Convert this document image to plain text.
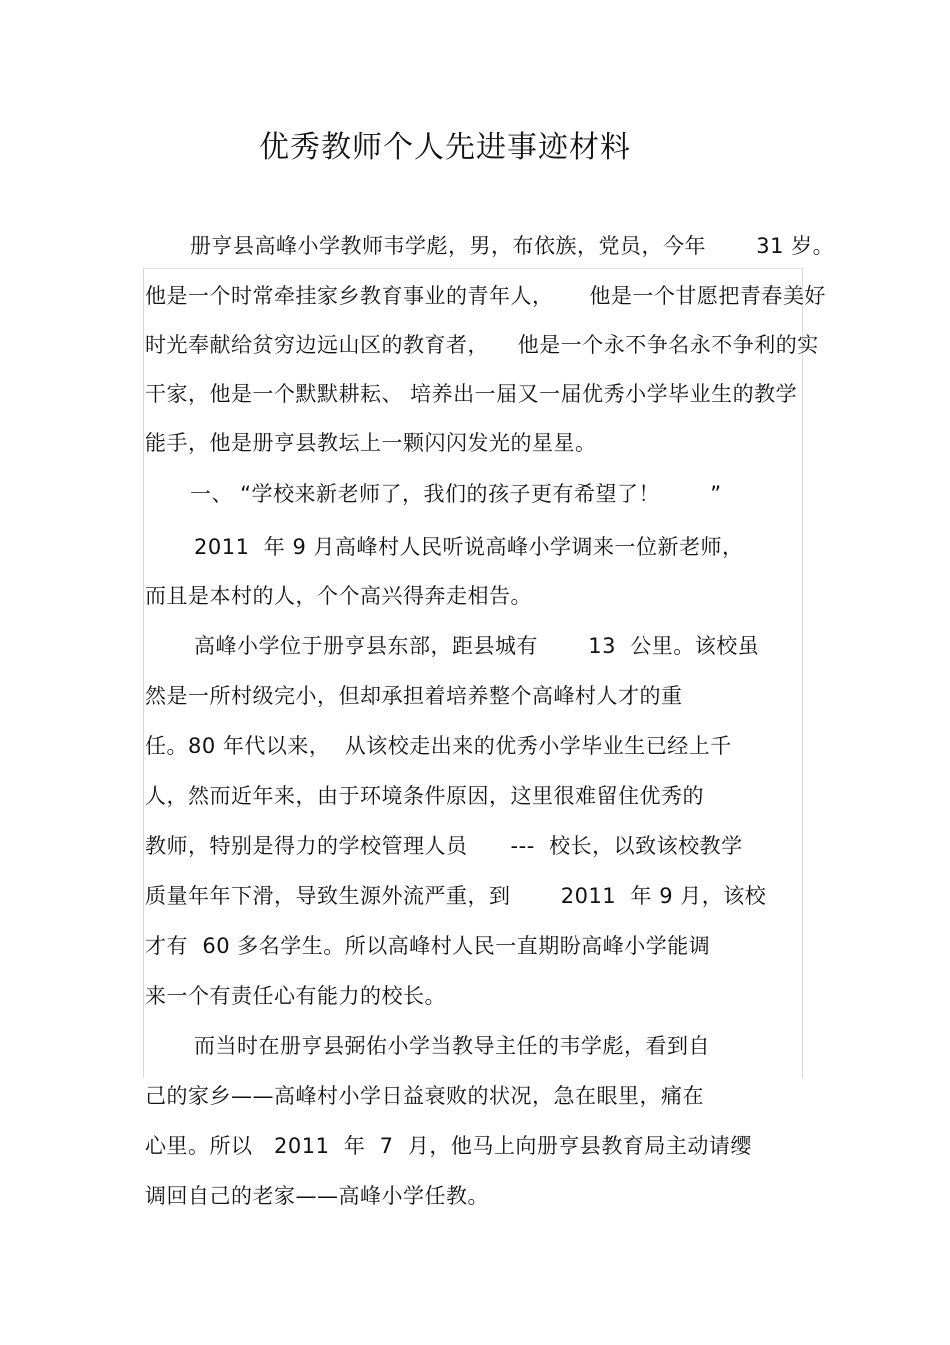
优秀教师个人先进事迹材料
册亨县高峰小学教师韦学彪，男，布依族，党员，今年       31 岁。
他是一个时常牵挂家乡教育事业的青年人，     他是一个甘愿把青春美好
时光奉献给贫穷边远山区的教育者，    他是一个永不争名永不争利的实
干家，他是一个默默耕耘、 培养出一届又一届优秀小学毕业生的教学
能手，他是册亨县教坛上一颗闪闪发光的星星。
一、 “学校来新老师了，我们的孩子更有希望了！       ”
2011  年 9 月高峰村人民听说高峰小学调来一位新老师，
而且是本村的人，个个高兴得奔走相告。
高峰小学位于册亨县东部，距县城有       13  公里。该校虽
然是一所村级完小，但却承担着培养整个高峰村人才的重
任。80 年代以来，  从该校走出来的优秀小学毕业生已经上千
人，然而近年来，由于环境条件原因，这里很难留住优秀的
教师，特别是得力的学校管理人员      ---  校长，以致该校教学
质量年年下滑，导致生源外流严重，到       2011  年 9 月，该校
才有  60 多名学生。所以高峰村人民一直期盼高峰小学能调
来一个有责任心有能力的校长。
而当时在册亨县弼佑小学当教导主任的韦学彪，看到自
己的家乡——高峰村小学日益衰败的状况，急在眼里，痛在
心里。所以   2011  年  7  月，他马上向册亨县教育局主动请缨
调回自己的老家——高峰小学任教。
